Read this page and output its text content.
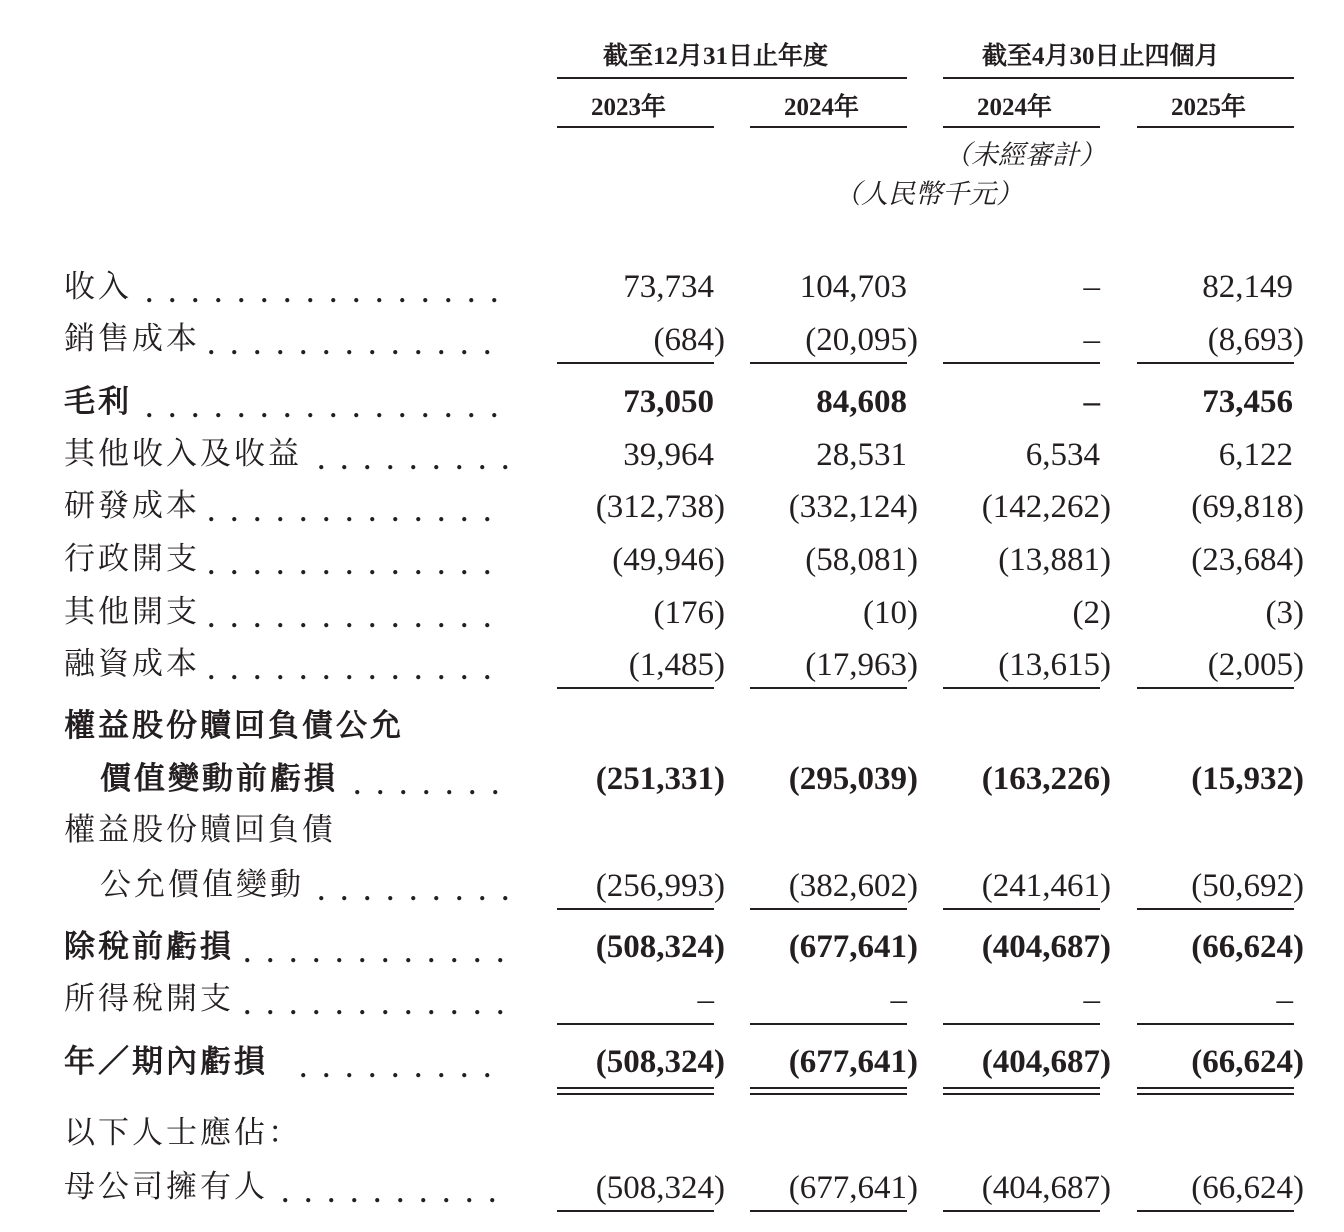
截至12月31日止年度	截至4月30日止四個月
2023年	2024年	2024年	2025年
（未經審計）
（人民幣千元）
收入 . . . . . . . . . . . . . . . .	73,734	104,703	–	82,149
銷售成本 . . . . . . . . . . . . .	(684)	(20,095)	–	(8,693)
毛利 . . . . . . . . . . . . . . . .	73,050	84,608	–	73,456
其他收入及收益 . . . . . . . . .	39,964	28,531	6,534	6,122
研發成本 . . . . . . . . . . . . .	(312,738)	(332,124)	(142,262)	(69,818)
行政開支 . . . . . . . . . . . . .	(49,946)	(58,081)	(13,881)	(23,684)
其他開支 . . . . . . . . . . . . .	(176)	(10)	(2)	(3)
融資成本 . . . . . . . . . . . . .	(1,485)	(17,963)	(13,615)	(2,005)
權益股份贖回負債公允
價值變動前虧損 . . . . . . .	(251,331)	(295,039)	(163,226)	(15,932)
權益股份贖回負債
公允價值變動 . . . . . . . . .	(256,993)	(382,602)	(241,461)	(50,692)
除稅前虧損 . . . . . . . . . . . .	(508,324)	(677,641)	(404,687)	(66,624)
所得稅開支 . . . . . . . . . . . .	–	–	–	–
年／期內虧損 . . . . . . . . .	(508,324)	(677,641)	(404,687)	(66,624)
以下人士應佔：
母公司擁有人 . . . . . . . . . .	(508,324)	(677,641)	(404,687)	(66,624)
